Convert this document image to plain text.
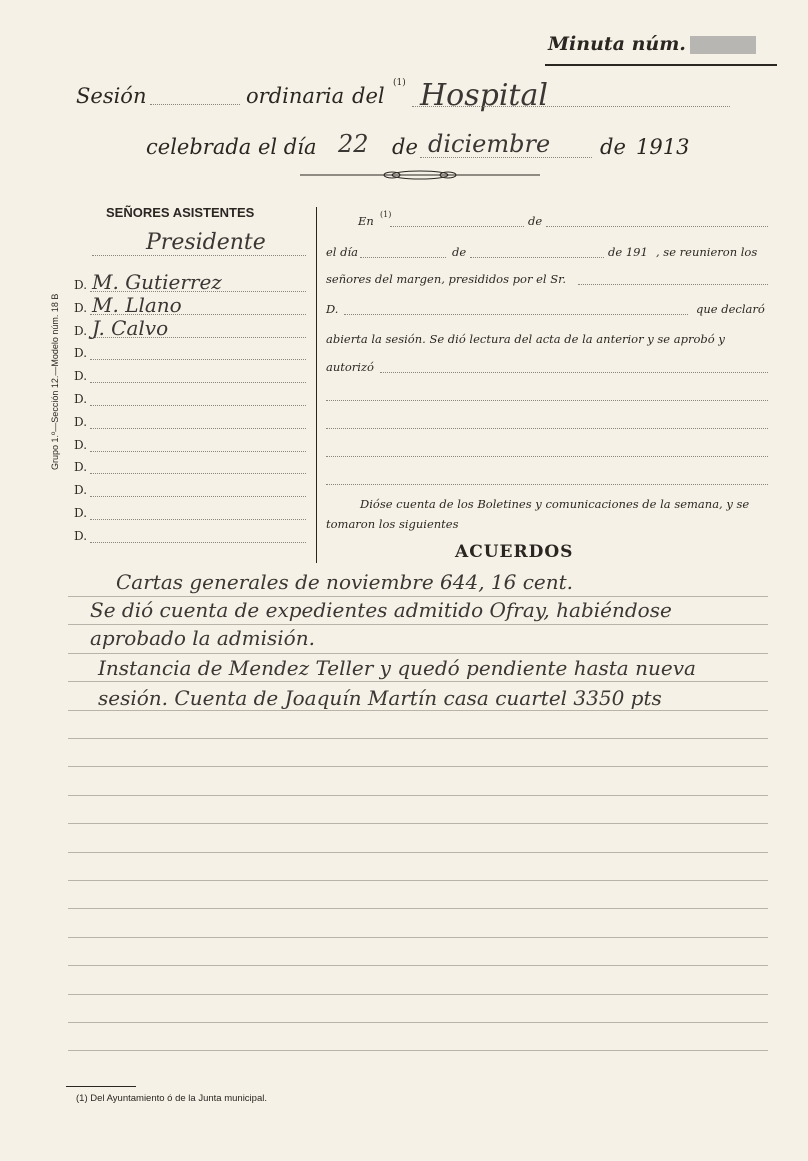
Minuta núm.
Sesión	ordinaria del
(1) Hospital
celebrada el día 22 de diciembre de 1913
SEÑORES ASISTENTES
Presidente
D. M. Gutierrez
D. M. Llano
D. J. Calvo
D.
D.
D.
D.
D.
D.
D.
D.
D.
Grupo 1.º—Sección 12.—Modelo núm. 18 B
En (1)	de
el día	de	de 191 , se reunieron los
señores del margen, presididos por el Sr.
D.	que declaró
abierta la sesión. Se dió lectura del acta de la anterior y se aprobó y
autorizó
Dióse cuenta de los Boletines y comunicaciones de la semana, y se
tomaron los siguientes
ACUERDOS
Cartas generales de noviembre 644, 16 cent.
Se dió cuenta de expedientes admitido Ofray, habiéndose
aprobado la admisión.
Instancia de Mendez Teller y quedó pendiente hasta nueva
sesión. Cuenta de Joaquín Martín casa cuartel 3350 pts
(1) Del Ayuntamiento ó de la Junta municipal.
